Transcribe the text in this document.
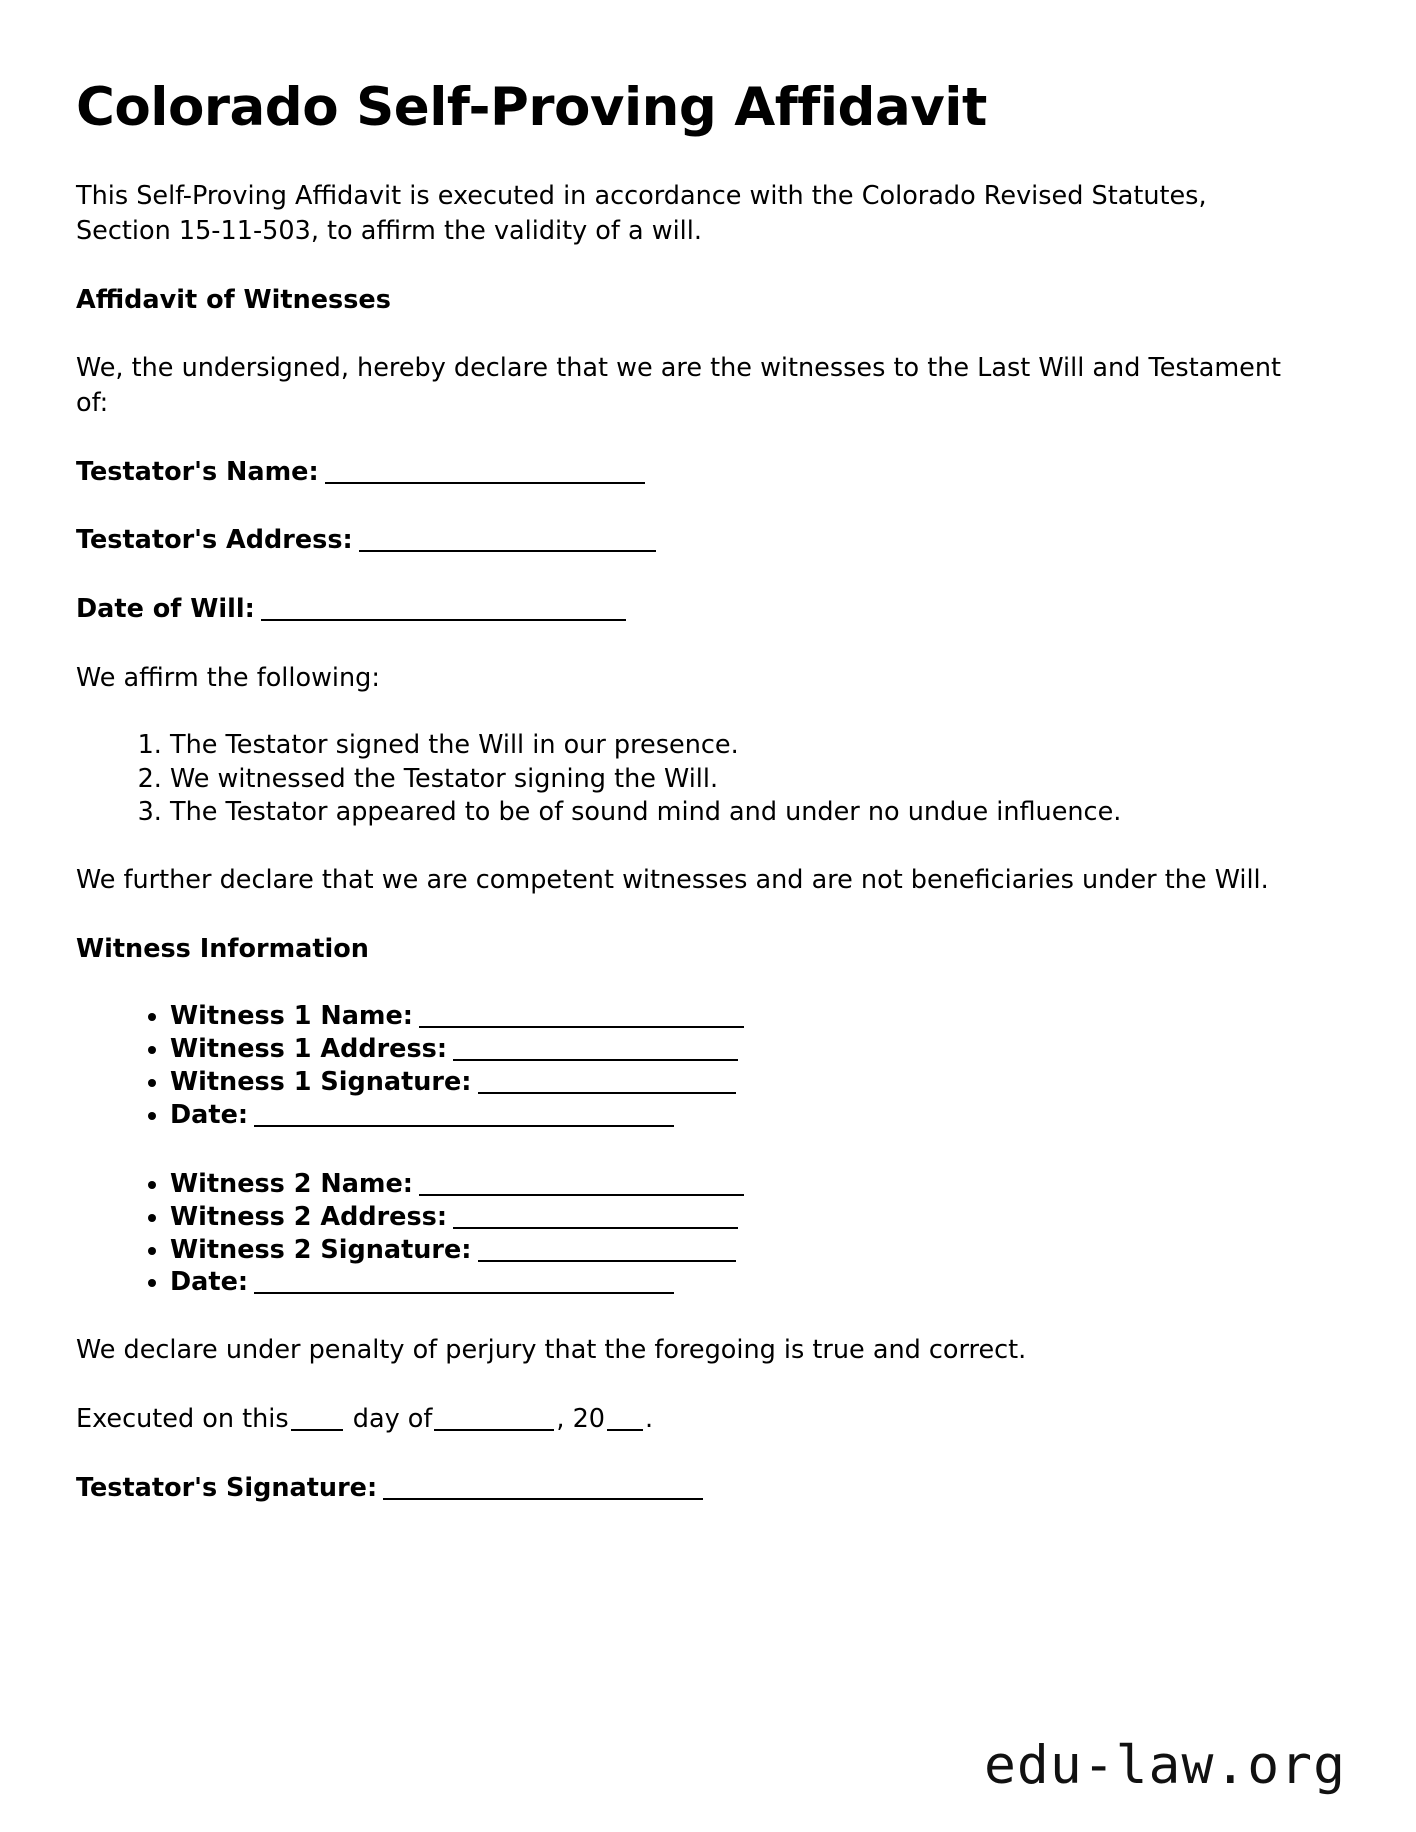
Colorado Self-Proving Affidavit

This Self-Proving Affidavit is executed in accordance with the Colorado Revised Statutes, Section 15-11-503, to affirm the validity of a will.

Affidavit of Witnesses

We, the undersigned, hereby declare that we are the witnesses to the Last Will and Testament of:

Testator's Name:

Testator's Address:

Date of Will:

We affirm the following:

1. The Testator signed the Will in our presence.
2. We witnessed the Testator signing the Will.
3. The Testator appeared to be of sound mind and under no undue influence.

We further declare that we are competent witnesses and are not beneficiaries under the Will.

Witness Information
• Witness 1 Name:
• Witness 1 Address:
• Witness 1 Signature:
• Date:
• Witness 2 Name:
• Witness 2 Address:
• Witness 2 Signature:
• Date:

We declare under penalty of perjury that the foregoing is true and correct.

Executed on this	day of	, 20 .

Testator's Signature:

edu-law.org
